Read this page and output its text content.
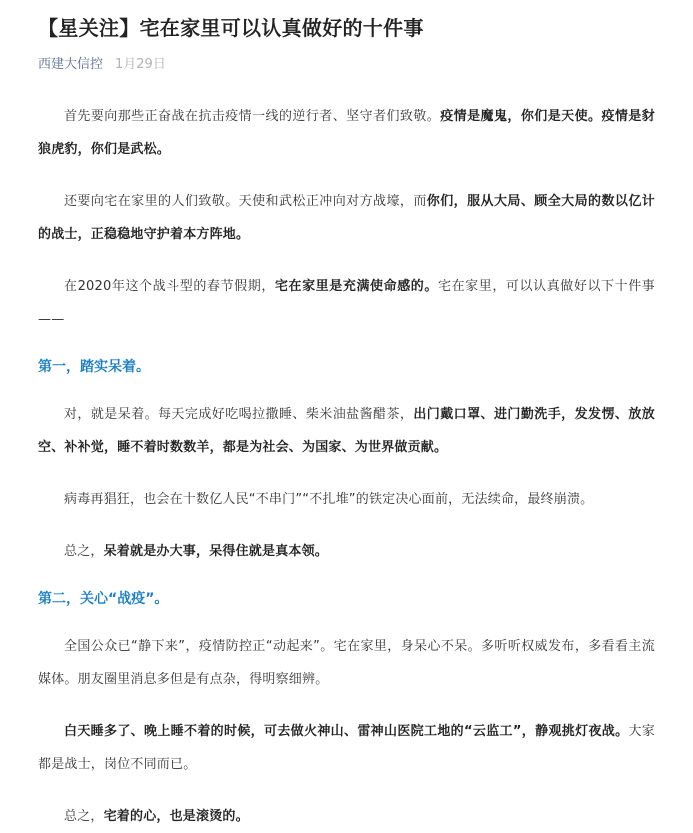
【星关注】宅在家里可以认真做好的十件事
西建大信控 1月29日

首先要向那些正奋战在抗击疫情一线的逆行者、坚守者们致敬。疫情是魔鬼，你们是天使。疫情是豺狼虎豹，你们是武松。

还要向宅在家里的人们致敬。天使和武松正冲向对方战壕，而你们，服从大局、顾全大局的数以亿计的战士，正稳稳地守护着本方阵地。

在2020年这个战斗型的春节假期，宅在家里是充满使命感的。宅在家里，可以认真做好以下十件事——

第一，踏实呆着。

对，就是呆着。每天完成好吃喝拉撒睡、柴米油盐酱醋茶，出门戴口罩、进门勤洗手，发发愣、放放空、补补觉，睡不着时数数羊，都是为社会、为国家、为世界做贡献。

病毒再猖狂，也会在十数亿人民“不串门”“不扎堆”的铁定决心面前，无法续命，最终崩溃。

总之，呆着就是办大事，呆得住就是真本领。

第二，关心“战疫”。

全国公众已“静下来”，疫情防控正“动起来”。宅在家里，身呆心不呆。多听听权威发布，多看看主流媒体。朋友圈里消息多但是有点杂，得明察细辨。

白天睡多了、晚上睡不着的时候，可去做火神山、雷神山医院工地的“云监工”，静观挑灯夜战。大家都是战士，岗位不同而已。

总之，宅着的心，也是滚烫的。
